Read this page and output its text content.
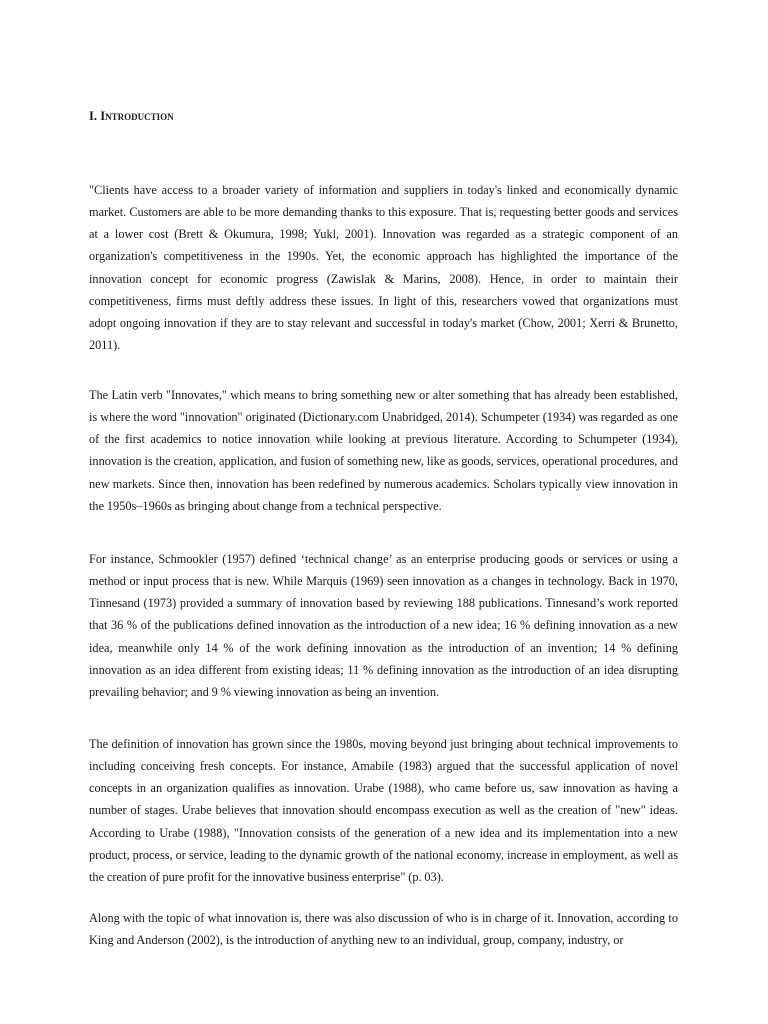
I. Introduction

"Clients have access to a broader variety of information and suppliers in today's linked and economically dynamic market. Customers are able to be more demanding thanks to this exposure. That is, requesting better goods and services at a lower cost (Brett & Okumura, 1998; Yukl, 2001). Innovation was regarded as a strategic component of an organization's competitiveness in the 1990s. Yet, the economic approach has highlighted the importance of the innovation concept for economic progress (Zawislak & Marins, 2008). Hence, in order to maintain their competitiveness, firms must deftly address these issues. In light of this, researchers vowed that organizations must adopt ongoing innovation if they are to stay relevant and successful in today's market (Chow, 2001; Xerri & Brunetto, 2011).

The Latin verb "Innovates," which means to bring something new or alter something that has already been established, is where the word "innovation" originated (Dictionary.com Unabridged, 2014). Schumpeter (1934) was regarded as one of the first academics to notice innovation while looking at previous literature. According to Schumpeter (1934), innovation is the creation, application, and fusion of something new, like as goods, services, operational procedures, and new markets. Since then, innovation has been redefined by numerous academics. Scholars typically view innovation in the 1950s–1960s as bringing about change from a technical perspective.

For instance, Schmookler (1957) defined ‘technical change’ as an enterprise producing goods or services or using a method or input process that is new. While Marquis (1969) seen innovation as a changes in technology. Back in 1970, Tinnesand (1973) provided a summary of innovation based by reviewing 188 publications. Tinnesand’s work reported that 36 % of the publications defined innovation as the introduction of a new idea; 16 % defining innovation as a new idea, meanwhile only 14 % of the work defining innovation as the introduction of an invention; 14 % defining innovation as an idea different from existing ideas; 11 % defining innovation as the introduction of an idea disrupting prevailing behavior; and 9 % viewing innovation as being an invention.

The definition of innovation has grown since the 1980s, moving beyond just bringing about technical improvements to including conceiving fresh concepts. For instance, Amabile (1983) argued that the successful application of novel concepts in an organization qualifies as innovation. Urabe (1988), who came before us, saw innovation as having a number of stages. Urabe believes that innovation should encompass execution as well as the creation of "new" ideas. According to Urabe (1988), "Innovation consists of the generation of a new idea and its implementation into a new product, process, or service, leading to the dynamic growth of the national economy, increase in employment, as well as the creation of pure profit for the innovative business enterprise" (p. 03).

Along with the topic of what innovation is, there was also discussion of who is in charge of it. Innovation, according to King and Anderson (2002), is the introduction of anything new to an individual, group, company, industry, or
